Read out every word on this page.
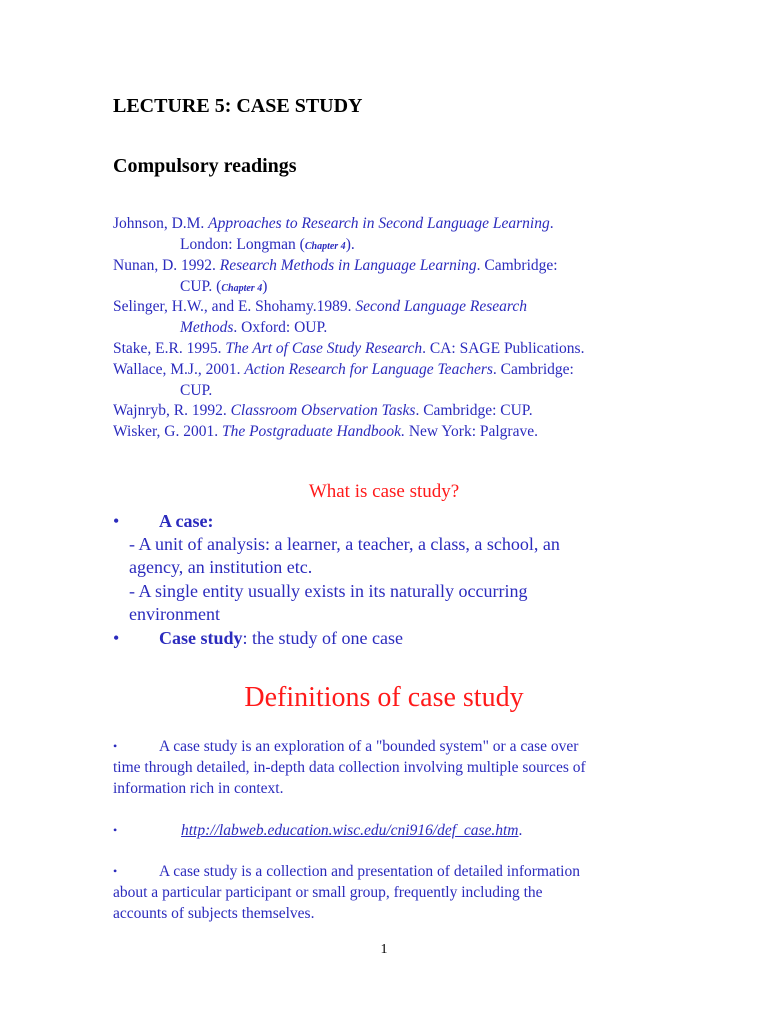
LECTURE 5: CASE STUDY
Compulsory readings
Johnson, D.M. Approaches to Research in Second Language Learning.
London: Longman (Chapter 4).
Nunan, D. 1992. Research Methods in Language Learning. Cambridge:
CUP. (Chapter 4)
Selinger, H.W., and E. Shohamy.1989. Second Language Research
Methods. Oxford: OUP.
Stake, E.R. 1995. The Art of Case Study Research. CA: SAGE Publications.
Wallace, M.J., 2001. Action Research for Language Teachers. Cambridge:
CUP.
Wajnryb, R. 1992. Classroom Observation Tasks. Cambridge: CUP.
Wisker, G. 2001. The Postgraduate Handbook. New York: Palgrave.
What is case study?
• A case:
- A unit of analysis: a learner, a teacher, a class, a school, an
agency, an institution etc.
- A single entity usually exists in its naturally occurring
environment
• Case study: the study of one case
Definitions of case study
•	A case study is an exploration of a "bounded system" or a case over
time through detailed, in-depth data collection involving multiple sources of
information rich in context.
•	http://labweb.education.wisc.edu/cni916/def_case.htm.
•	A case study is a collection and presentation of detailed information
about a particular participant or small group, frequently including the
accounts of subjects themselves.
1
